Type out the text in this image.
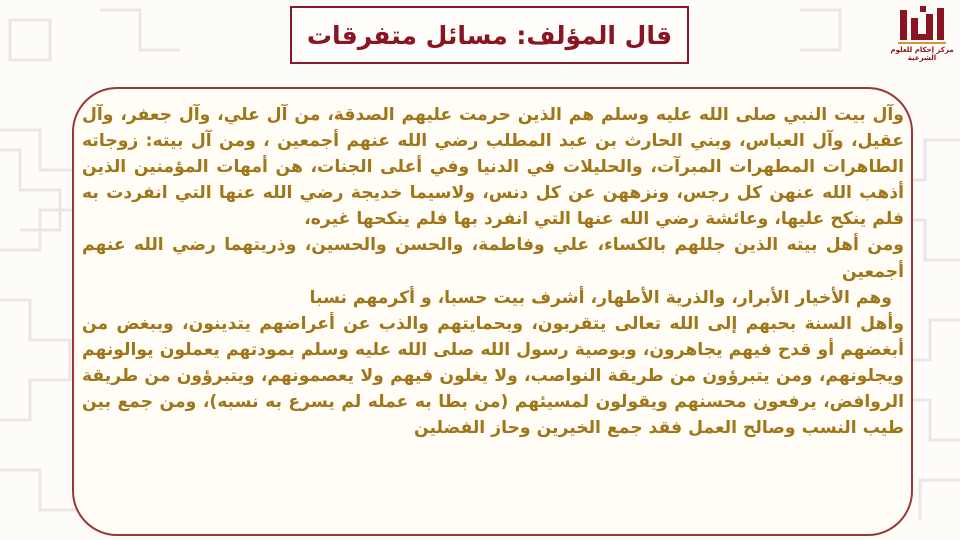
قال المؤلف: مسائل متفرقات
مركز إحكام للعلوم الشرعية

وآل بيت النبي صلى الله عليه وسلم هم الذين حرمت عليهم الصدقة، من آل علي، وآل جعفر، وآل عقيل، وآل العباس، وبني الحارث بن عبد المطلب رضي الله عنهم أجمعين ، ومن آل بيته: زوجاته الطاهرات المطهرات المبرآت، والحليلات في الدنيا وفي أعلى الجنات، هن أمهات المؤمنين الذين أذهب الله عنهن كل رجس، ونزههن عن كل دنس، ولاسيما خديجة رضي الله عنها التي انفردت به فلم ينكح عليها، وعائشة رضي الله عنها التي انفرد بها فلم ينكحها غيره،

ومن أهل بيته الذين جللهم بالكساء، علي وفاطمة، والحسن والحسين، وذريتهما رضي الله عنهم أجمعين

وهم الأخيار الأبرار، والذرية الأطهار، أشرف بيت حسبا، و أكرمهم نسبا

وأهل السنة بحبهم إلى الله تعالى يتقربون، وبحمايتهم والذب عن أعراضهم يتدينون، وببغض من أبغضهم أو قدح فيهم يجاهرون، وبوصية رسول الله صلى الله عليه وسلم بمودتهم يعملون يوالونهم ويجلونهم، ومن يتبرؤون من طريقة النواصب، ولا يغلون فيهم ولا يعصمونهم، ويتبرؤون من طريقة الروافض، يرفعون محسنهم ويقولون لمسيئهم (من بطا به عمله لم يسرع به نسبه)، ومن جمع بين طيب النسب وصالح العمل فقد جمع الخيرين وحاز الفضلين
